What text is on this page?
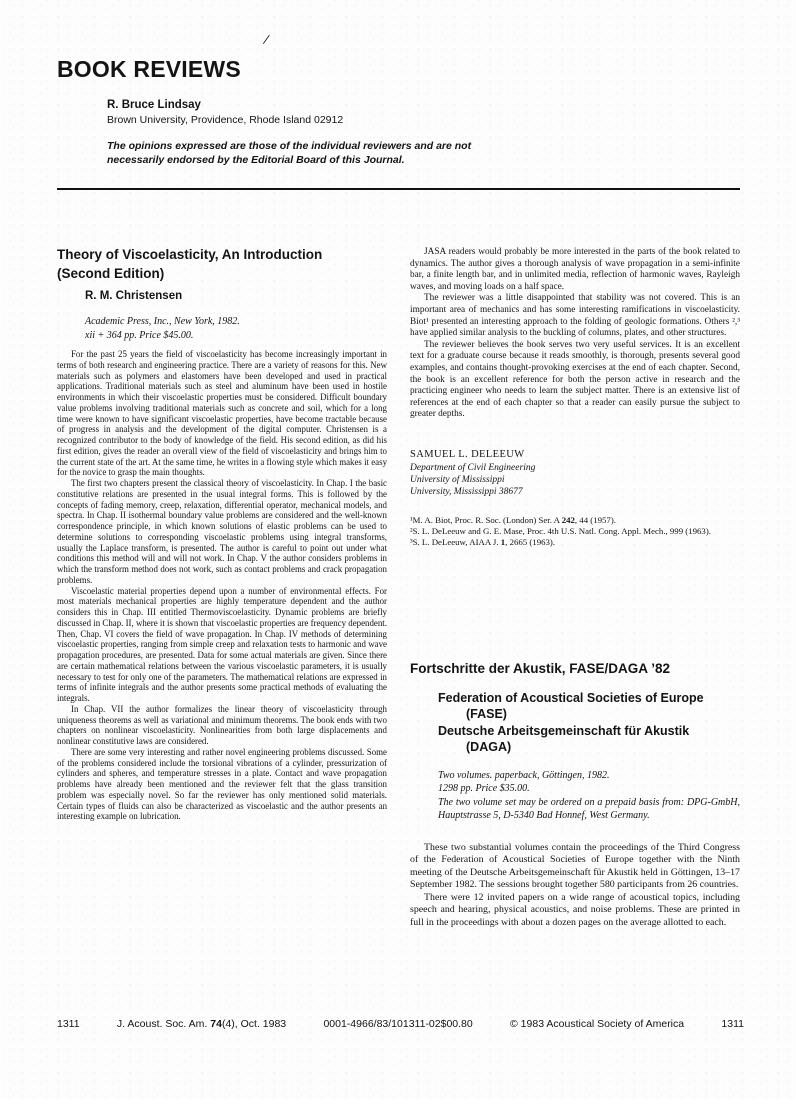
/
BOOK REVIEWS
R. Bruce Lindsay
Brown University, Providence, Rhode Island 02912
The opinions expressed are those of the individual reviewers and are not
necessarily endorsed by the Editorial Board of this Journal.
Theory of Viscoelasticity, An Introduction
(Second Edition)
R. M. Christensen
Academic Press, Inc., New York, 1982.
xii + 364 pp. Price $45.00.

For the past 25 years the field of viscoelasticity has become increasingly important in terms of both research and engineering practice. There are a variety of reasons for this. New materials such as polymers and elastomers have been developed and used in practical applications. Traditional materials such as steel and aluminum have been used in hostile environments in which their viscoelastic properties must be considered. Difficult boundary value problems involving traditional materials such as concrete and soil, which for a long time were known to have significant viscoelastic properties, have become tractable because of progress in analysis and the development of the digital computer. Christensen is a recognized contributor to the body of knowledge of the field. His second edition, as did his first edition, gives the reader an overall view of the field of viscoelasticity and brings him to the current state of the art. At the same time, he writes in a flowing style which makes it easy for the novice to grasp the main thoughts.

The first two chapters present the classical theory of viscoelasticity. In Chap. I the basic constitutive relations are presented in the usual integral forms. This is followed by the concepts of fading memory, creep, relaxation, differential operator, mechanical models, and spectra. In Chap. II isothermal boundary value problems are considered and the well-known correspondence principle, in which known solutions of elastic problems can be used to determine solutions to corresponding viscoelastic problems using integral transforms, usually the Laplace transform, is presented. The author is careful to point out under what conditions this method will and will not work. In Chap. V the author considers problems in which the transform method does not work, such as contact problems and crack propagation problems.

Viscoelastic material properties depend upon a number of environmental effects. For most materials mechanical properties are highly temperature dependent and the author considers this in Chap. III entitled Thermoviscoelasticity. Dynamic problems are briefly discussed in Chap. II, where it is shown that viscoelastic properties are frequency dependent. Then, Chap. VI covers the field of wave propagation. In Chap. IV methods of determining viscoelastic properties, ranging from simple creep and relaxation tests to harmonic and wave propagation procedures, are presented. Data for some actual materials are given. Since there are certain mathematical relations between the various viscoelastic parameters, it is usually necessary to test for only one of the parameters. The mathematical relations are expressed in terms of infinite integrals and the author presents some practical methods of evaluating the integrals.

In Chap. VII the author formalizes the linear theory of viscoelasticity through uniqueness theorems as well as variational and minimum theorems. The book ends with two chapters on nonlinear viscoelasticity. Nonlinearities from both large displacements and nonlinear constitutive laws are considered.

There are some very interesting and rather novel engineering problems discussed. Some of the problems considered include the torsional vibrations of a cylinder, pressurization of cylinders and spheres, and temperature stresses in a plate. Contact and wave propagation problems have already been mentioned and the reviewer felt that the glass transition problem was especially novel. So far the reviewer has only mentioned solid materials. Certain types of fluids can also be characterized as viscoelastic and the author presents an interesting example on lubrication.

JASA readers would probably be more interested in the parts of the book related to dynamics. The author gives a thorough analysis of wave propagation in a semi-infinite bar, a finite length bar, and in unlimited media, reflection of harmonic waves, Rayleigh waves, and moving loads on a half space.

The reviewer was a little disappointed that stability was not covered. This is an important area of mechanics and has some interesting ramifications in viscoelasticity. Biot¹ presented an interesting approach to the folding of geologic formations. Others ²,³ have applied similar analysis to the buckling of columns, plates, and other structures.

The reviewer believes the book serves two very useful services. It is an excellent text for a graduate course because it reads smoothly, is thorough, presents several good examples, and contains thought-provoking exercises at the end of each chapter. Second, the book is an excellent reference for both the person active in research and the practicing engineer who needs to learn the subject matter. There is an extensive list of references at the end of each chapter so that a reader can easily pursue the subject to greater depths.

SAMUEL L. DELEEUW
Department of Civil Engineering
University of Mississippi
University, Mississippi 38677
¹M. A. Biot, Proc. R. Soc. (London) Ser. A 242, 44 (1957).
²S. L. DeLeeuw and G. E. Mase, Proc. 4th U.S. Natl. Cong. Appl. Mech., 999 (1963).
³S. L. DeLeeuw, AIAA J. 1, 2665 (1963).
Fortschritte der Akustik, FASE/DAGA ’82
Federation of Acoustical Societies of Europe
(FASE)
Deutsche Arbeitsgemeinschaft für Akustik
(DAGA)
Two volumes. paperback, Göttingen, 1982.
1298 pp. Price $35.00.
The two volume set may be ordered on a prepaid basis from: DPG-GmbH, Hauptstrasse 5, D-5340 Bad Honnef, West Germany.

These two substantial volumes contain the proceedings of the Third Congress of the Federation of Acoustical Societies of Europe together with the Ninth meeting of the Deutsche Arbeitsgemeinschaft für Akustik held in Göttingen, 13–17 September 1982. The sessions brought together 580 participants from 26 countries.

There were 12 invited papers on a wide range of acoustical topics, including speech and hearing, physical acoustics, and noise problems. These are printed in full in the proceedings with about a dozen pages on the average allotted to each.

1311	J. Acoust. Soc. Am. 74(4), Oct. 1983	0001-4966/83/101311-02$00.80	© 1983 Acoustical Society of America	1311
